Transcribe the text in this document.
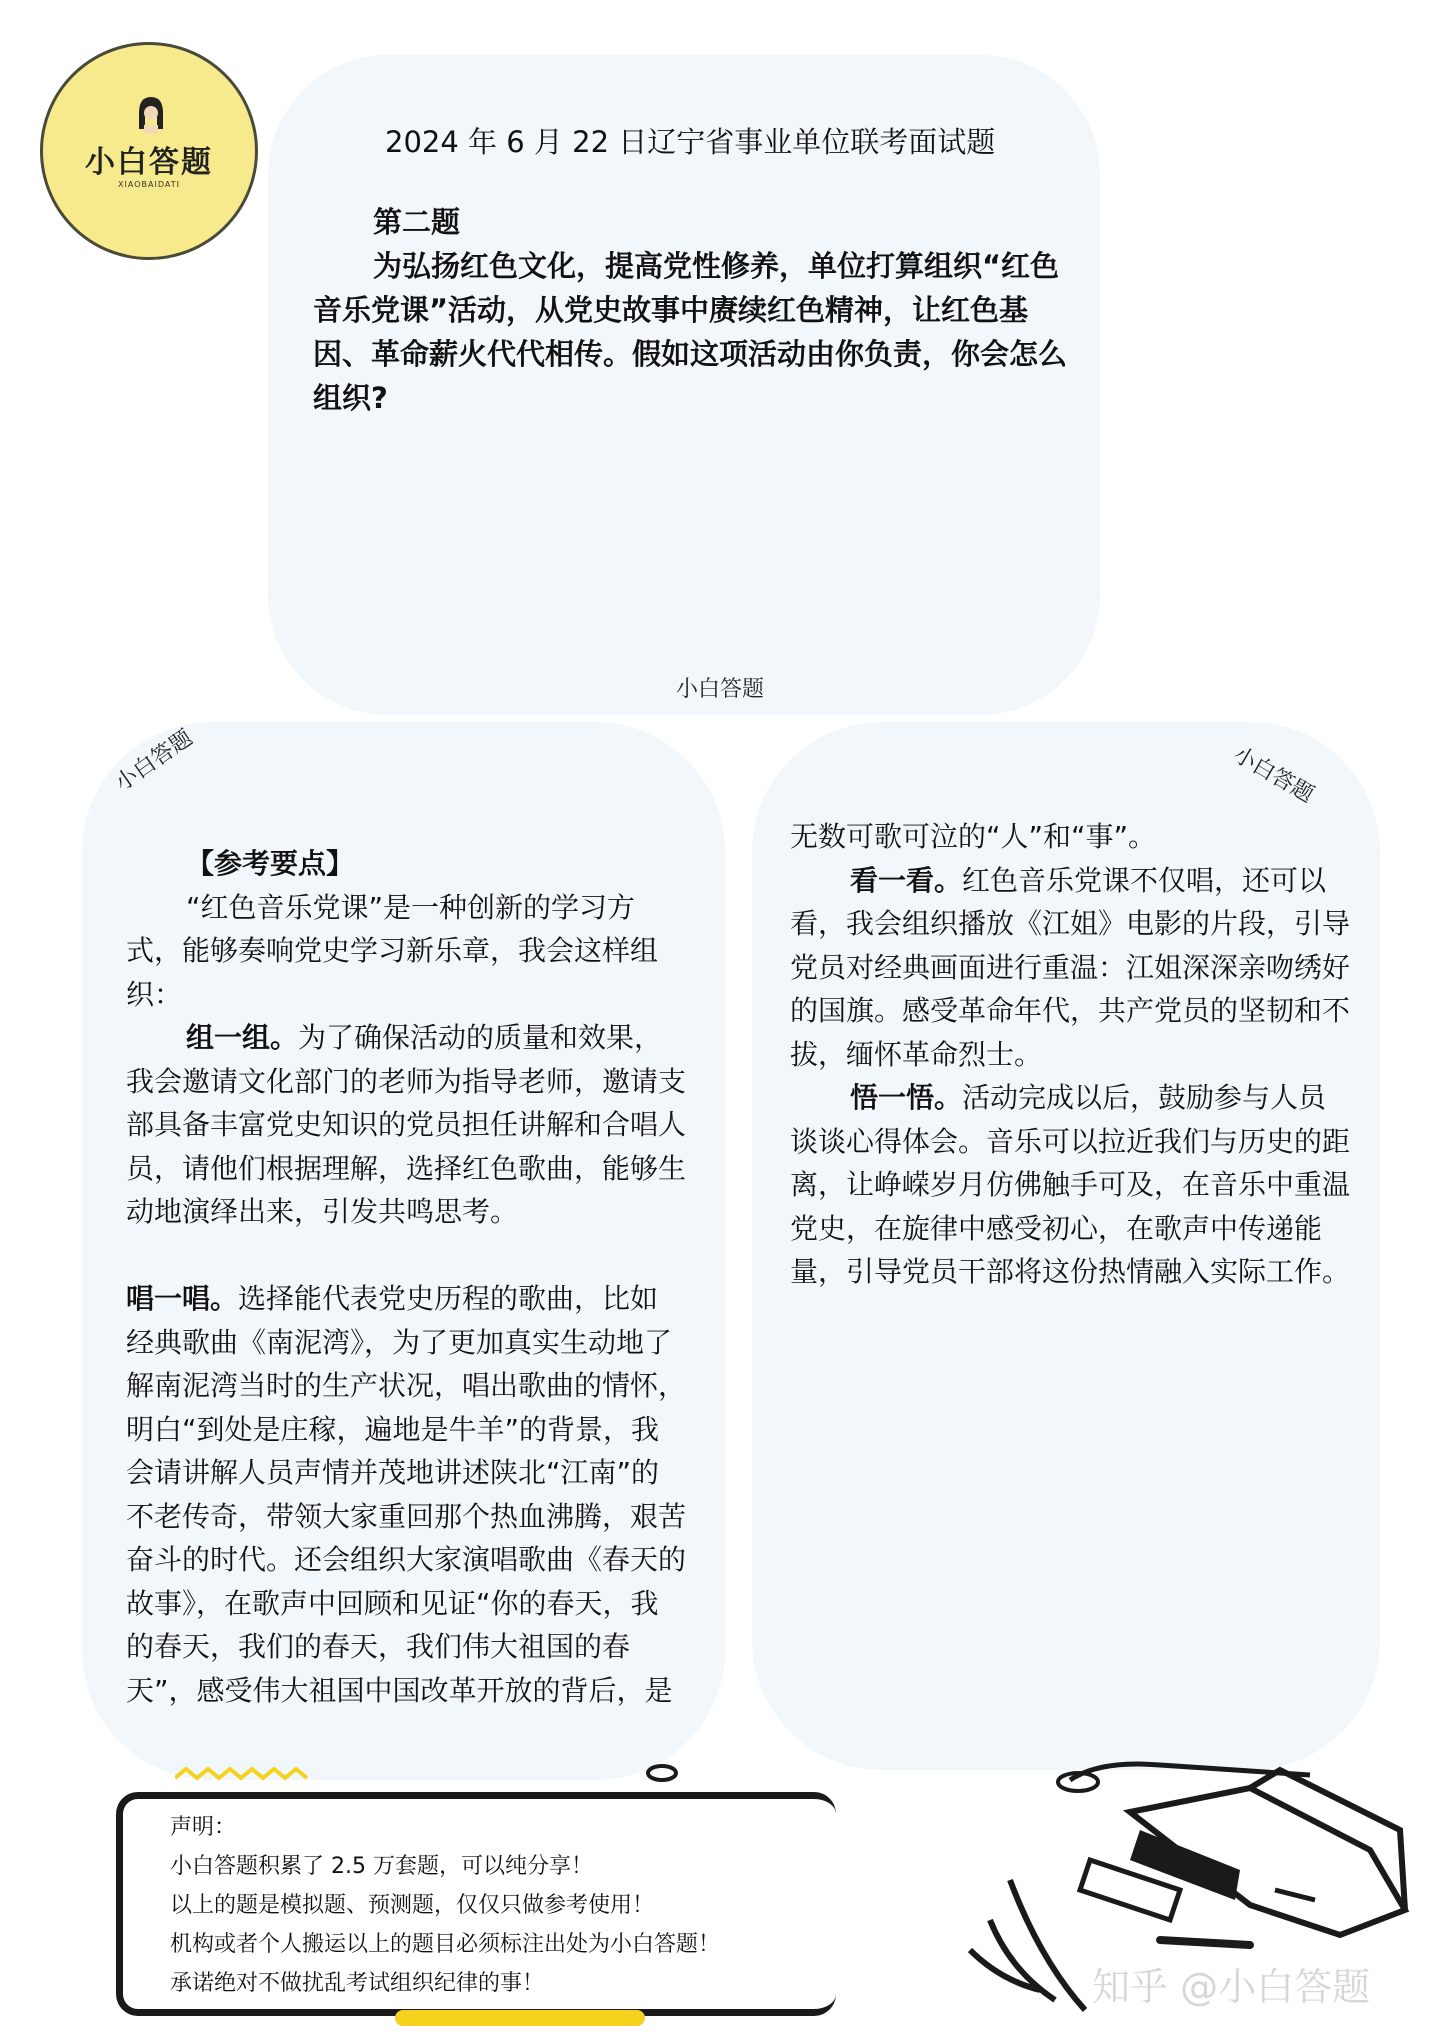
小白答题
XIAOBAIDATI
2024 年 6 月 22 日辽宁省事业单位联考面试题

第二题

为弘扬红色文化，提高党性修养，单位打算组织“红色音乐党课”活动，从党史故事中赓续红色精神，让红色基因、革命薪火代代相传。假如这项活动由你负责，你会怎么组织?

小白答题
小白答题	小白答题

【参考要点】

“红色音乐党课”是一种创新的学习方式，能够奏响党史学习新乐章，我会这样组织：

组一组。为了确保活动的质量和效果，我会邀请文化部门的老师为指导老师，邀请支部具备丰富党史知识的党员担任讲解和合唱人员，请他们根据理解，选择红色歌曲，能够生动地演绎出来，引发共鸣思考。

唱一唱。选择能代表党史历程的歌曲，比如经典歌曲《南泥湾》，为了更加真实生动地了解南泥湾当时的生产状况，唱出歌曲的情怀，明白“到处是庄稼，遍地是牛羊”的背景，我会请讲解人员声情并茂地讲述陕北“江南”的不老传奇，带领大家重回那个热血沸腾，艰苦奋斗的时代。还会组织大家演唱歌曲《春天的故事》，在歌声中回顾和见证“你的春天，我的春天，我们的春天，我们伟大祖国的春天”，感受伟大祖国中国改革开放的背后，是

无数可歌可泣的“人”和“事”。

看一看。红色音乐党课不仅唱，还可以看，我会组织播放《江姐》电影的片段，引导党员对经典画面进行重温：江姐深深亲吻绣好的国旗。感受革命年代，共产党员的坚韧和不拔，缅怀革命烈士。

悟一悟。活动完成以后，鼓励参与人员谈谈心得体会。音乐可以拉近我们与历史的距离，让峥嵘岁月仿佛触手可及，在音乐中重温党史，在旋律中感受初心，在歌声中传递能量，引导党员干部将这份热情融入实际工作。

声明：

小白答题积累了 2.5 万套题，可以纯分享！

以上的题是模拟题、预测题，仅仅只做参考使用！

机构或者个人搬运以上的题目必须标注出处为小白答题！

承诺绝对不做扰乱考试组织纪律的事！	知乎 @小白答题
